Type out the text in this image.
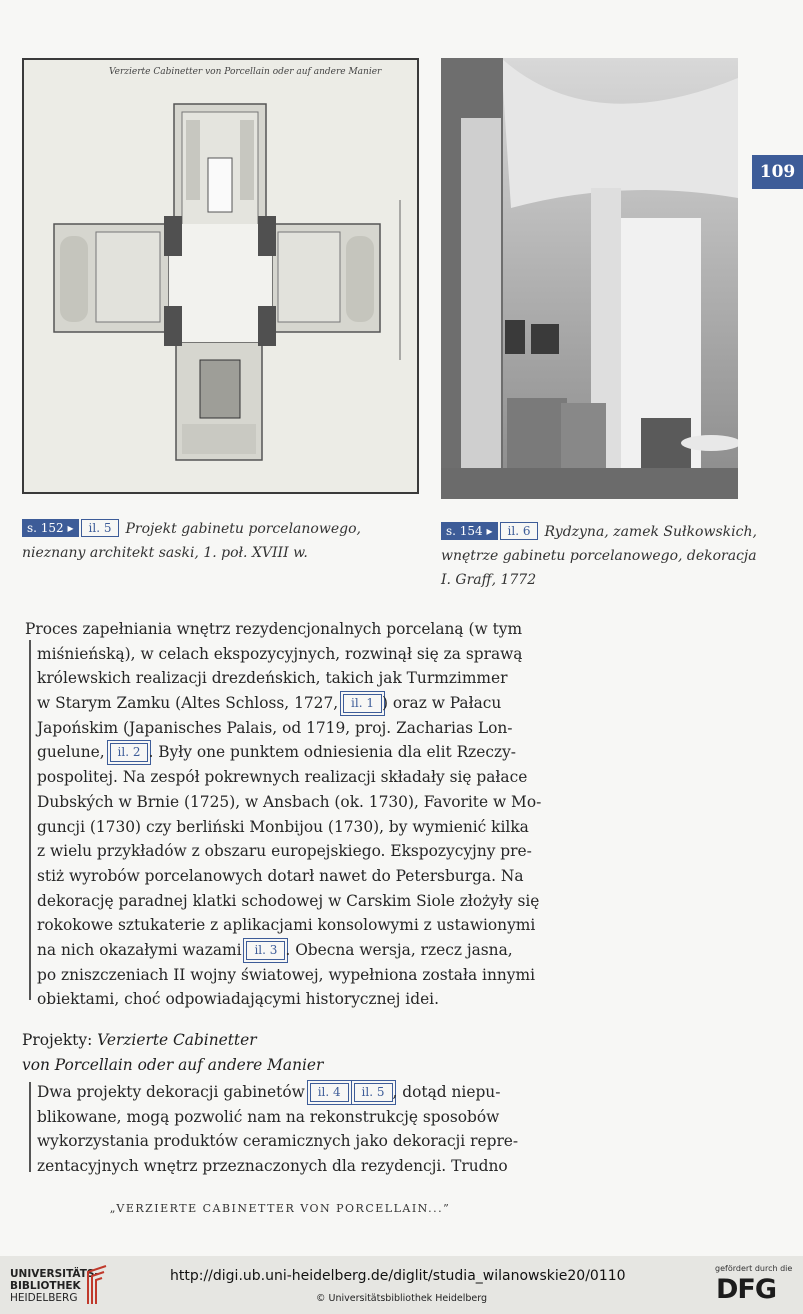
Verzierte Cabinetter von Porcellain oder auf andere Manier
109
s. 152 ▸ il. 5 Projekt gabinetu porcelanowego,
nieznany architekt saski, 1. poł. XVIII w.
s. 154 ▸ il. 6 Rydzyna, zamek Sułkowskich,
wnętrze gabinetu porcelanowego, dekoracja
I. Graff, 1772
Proces zapełniania wnętrz rezydencjonalnych porcelaną (w tym
miśnieńską), w celach ekspozycyjnych, rozwinął się za sprawą
królewskich realizacji drezdeńskich, takich jak Turmzimmer
w Starym Zamku (Altes Schloss, 1727, il. 1 ) oraz w Pałacu
Japońskim (Japanisches Palais, od 1719, proj. Zacharias Lon-
guelune, il. 2 . Były one punktem odniesienia dla elit Rzeczy-
pospolitej. Na zespół pokrewnych realizacji składały się pałace
Dubských w Brnie (1725), w Ansbach (ok. 1730), Favorite w Mo-
guncji (1730) czy berliński Monbijou (1730), by wymienić kilka
z wielu przykładów z obszaru europejskiego. Ekspozycyjny pre-
stiż wyrobów porcelanowych dotarł nawet do Petersburga. Na
dekorację paradnej klatki schodowej w Carskim Siole złożyły się
rokokowe sztukaterie z aplikacjami konsolowymi z ustawionymi
na nich okazałymi wazami il. 3 . Obecna wersja, rzecz jasna,
po zniszczeniach II wojny światowej, wypełniona została innymi
obiektami, choć odpowiadającymi historycznej idei.
Projekty: Verzierte Cabinetter
von Porcellain oder auf andere Manier
Dwa projekty dekoracji gabinetów il. 4 il. 5 , dotąd niepu-
blikowane, mogą pozwolić nam na rekonstrukcję sposobów
wykorzystania produktów ceramicznych jako dekoracji repre-
zentacyjnych wnętrz przeznaczonych dla rezydencji. Trudno
„VERZIERTE CABINETTER VON PORCELLAIN...”
UNIVERSITÄTS-
BIBLIOTHEK
HEIDELBERG
http://digi.ub.uni-heidelberg.de/diglit/studia_wilanowskie20/0110
© Universitätsbibliothek Heidelberg
gefördert durch die
DFG
